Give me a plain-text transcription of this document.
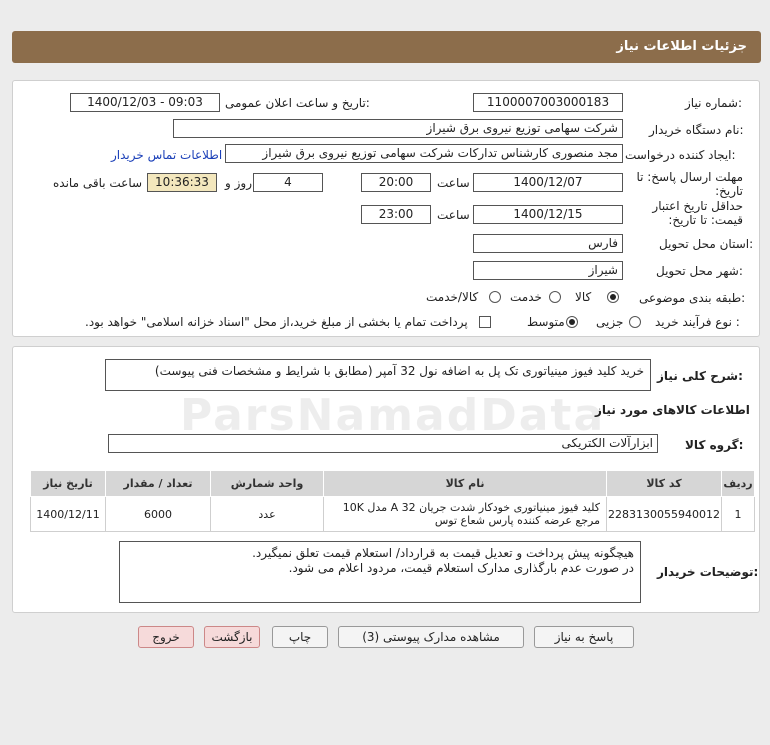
جزئیات اطلاعات نیاز
شماره نیاز:
1100007003000183
تاریخ و ساعت اعلان عمومی:
1400/12/03 - 09:03
نام دستگاه خریدار:
شرکت سهامی توزیع نیروی برق شیراز
ایجاد کننده درخواست:
مجد منصوری کارشناس تدارکات شرکت سهامی توزیع نیروی برق شیراز
اطلاعات تماس خریدار
مهلت ارسال پاسخ: تا تاریخ:
1400/12/07
ساعت
20:00
4
روز و
10:36:33
ساعت باقی مانده
حداقل تاریخ اعتبار قیمت: تا تاریخ:
1400/12/15
ساعت
23:00
استان محل تحویل:
فارس
شهر محل تحویل:
شیراز
طبقه بندی موضوعی:
کالا
خدمت
کالا/خدمت
نوع فرآیند خرید :
جزیی
متوسط
پرداخت تمام یا بخشی از مبلغ خرید،از محل "اسناد خزانه اسلامی" خواهد بود.
شرح کلی نیاز:
خرید کلید فیوز مینیاتوری تک پل به اضافه نول 32 آمپر (مطابق با شرایط و مشخصات فنی پیوست)
اطلاعات کالاهای مورد نیاز
گروه کالا:
ابزارآلات الکتریکی
ردیف	کد کالا	نام کالا	واحد شمارش	تعداد / مقدار	تاریخ نیاز
1	2283130055940012	کلید فیوز مینیاتوری خودکار شدت جریان A 32 مدل 10K مرجع عرضه کننده پارس شعاع توس	عدد	6000	1400/12/11
توضیحات خریدار:
هیچگونه پیش پرداخت و تعدیل قیمت به قرارداد/ استعلام قیمت تعلق نمیگیرد.
در صورت عدم بارگذاری مدارک استعلام قیمت، مردود اعلام می شود.
پاسخ به نیاز
مشاهده مدارک پیوستی (3)
چاپ
بازگشت
خروج
